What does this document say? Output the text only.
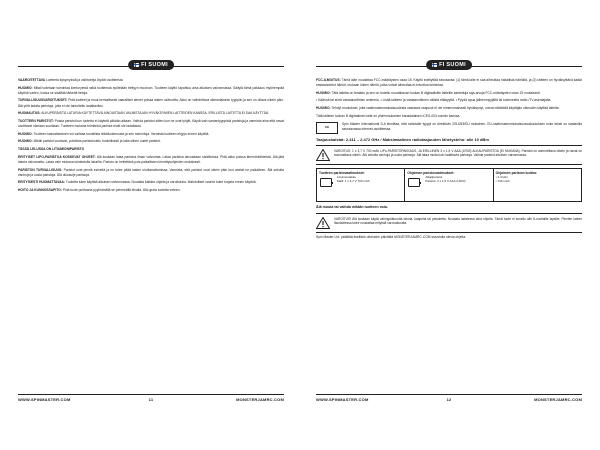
FI SUOMI

VAAROITETTAVA Lueteeta kysymyksiä ja vaihtoeeja löydät osoitteesta

HUOMIO: Mitali todetaan toimintaa kiertorytmiä sekä tuotteesta syötetään tiettyyn muotoon. Tuotteen käyttö tapahtuu aina aikuisen valvonnassa. Säilytä tämä pakkaus myöhempää käyttöä varten, koska se sisältää tärkeitä tietoja.

TURVALLISUUSVAROITUKSET: Pidä tuotteet ja muut kemiallisesti vaaralliset aineet poissa lasten ulottuvilta. Akku on vaihdettava oikeanlaiseen tyyppiin ja sen on oltava oikein päin. Älä yritä ladata paristoja, joita ei ole tarkoitettu ladattaviksi.

HUOMAUTUS: ALKUPERÄISTÄ LATURIA KÄYTETTÄVÄ AINOASTAAN VALMISTAJAN HYVÄKSYMIEN LAITTEIDEN KANSSA. ERILLISTÄ LAITETTA EI SAA KÄYTTÄÄ.

TUOTTEEN PARISTOT: Poista paristot kun tuotetta ei käytetä pitkään aikaan. Vaihda paristot sitten kun ne ovat tyhjät. Käytä vain samantyyppisiä paristoja ja varmista aina että navat osoittavat oikeaan suuntaan. Tuotteen mukana toimitetut paristot eivät ole ladattavia.

HUOMIO: Tuotteen kasvattaminen voi vaihtaa turvallista leikkikokemusta ja sen toimintoja. Varmista tuotteen ehjyys ennen käyttöä.

HUOMIO: Mikäli paristot vuotavat, puhdista paristokotelo huolellisesti ja laita siihen uudet paristot.

TÄSSÄ LELUSSA ON LITIUMIONIPARISTO

ERITYISET LIPO-PARISTOA KOSKEVAT OHJEET: Älä koskaan lataa paristoa ilman valvontaa. Lataa paristoa ainoastaan sisätiloissa. Pidä akku poissa lämmönlähteistä. Älä jätä laturia valvomatta. Lataa vain mukana toimitetulla laturilla. Paristo on heitettävä pois paikallisten kierrätysohjeiden mukaisesti.

PARISTON TURVALLISUUS: Paristot ovat pieniä esineitä ja ne tulee pitää lasten ulottumattomissa. Varmista, että paristot ovat oikein päin kun asetat ne paikalleen. Älä sekoita vanhoja ja uusia paristoja. Älä oikosulje paristoja.

ERITYISESTI HUOMATTAVAA: Tuotetta tulee käyttää aikuisen valvonnassa. Noudata kaikkia ohjeita ja varoituksia. Mahdolliset vauriot tulee korjata ennen käyttöä.

HOITO JA KUNNOSSAPITO: Pidä tuote puhtaana pyyhkimällä se pehmeällä liinalla. Älä upota tuotetta veteen.

WWW.SPINMASTER.COM	11	MONSTERJAMRC.COM
FI SUOMI

FCC-ILMOITUS: Tämä laite noudattaa FCC-määräysten osaa 15. Käyttö edellyttää seuraavaa: (1) tämä laite ei saa aiheuttaa haitallisia häiriöitä, ja (2) laitteen on hyväksyttävä kaikki vastaanotetut häiriöt, mukaan lukien häiriöt, jotka voivat aiheuttaa ei-toivottua toimintaa.

HUOMIO: Tätä laitetta on testattu ja sen on todettu noudattavan luokan B digitaalisille laitteille asetettuja raja-arvoja FCC-määräysten osan 15 mukaisesti.

• Käännä tai siirrä vastaanottimen antennia. • Lisää laitteen ja vastaanottimen välistä etäisyyttä. • Pyydä apua jälleenmyyjältä tai kokeneelta radio-/TV-asentajalta.

HUOMIO: Tehdyt muutokset, joita vaatimustenmukaisuudesta vastaava osapuoli ei ole nimenomaisesti hyväksynyt, voivat mitätöidä käyttäjän oikeuden käyttää laitetta.

Tätä laitteen luokan B digitaalinen laite on yhdenmukainen kanadalaisen ICES-003-normin kanssa.

CE
Spin Master International S.A ilmoittaa, että radiolaite tyyppi on direktiivin 2014/53/EU mukainen. EU-vaatimustenmukaisuusvakuutuksen koko teksti on saatavilla seuraavassa internet-osoitteessa.
Taajuuskaistat: 2,411 – 2,472 GHz / Maksimaalinen radiotaajuuden lähetysteho: alle 10 dBm
VAROITUS: 1 x 3,7 V 700 mAh LiPo-PARISTOPAKKAUS, JA ERILLINEN 3 x 1,5 V AAA (LR03) ALKALIPARISTOA (EI MUKANA). Paristot on asennettava oikein ja navat on suunnattava oikein. Älä sekoita vanhoja ja uusia paristoja. Älä lataa muita kuin ladattavia paristoja. Vaihda paristot aikuisen valvonnassa.
Tuotteen paristovaatimukset:
Litiumioniakku
Malli: 1 x 3,7 V 700 mAh
Ohjaimen paristovaatimukset:
Alkaliparistot
Paristot: 3 x 1,5 V AAA (LR03)
Ohjaimen pariston luokka:
• 2,4 kHz
• 700 mAh
Älä muuta tai vaihda mitään tuotteen osia.
VAROITUS! Älä koskaan käytä vahingoittunutta laturia, kaapelia tai pistoketta. Noudata ladatessa aina ohjeita. Tämä tuote ei sovellu alle 8-vuotiaille lapsille. Pienten lasten läsnäollessa tulee noudattaa erityistä varovaisuutta.

Spin Master Ltd. pidättää itsellään oikeuden päivittää MONSTERJAMRC.COM sivustolla olevia ohjeita.

WWW.SPINMASTER.COM	12	MONSTERJAMRC.COM
